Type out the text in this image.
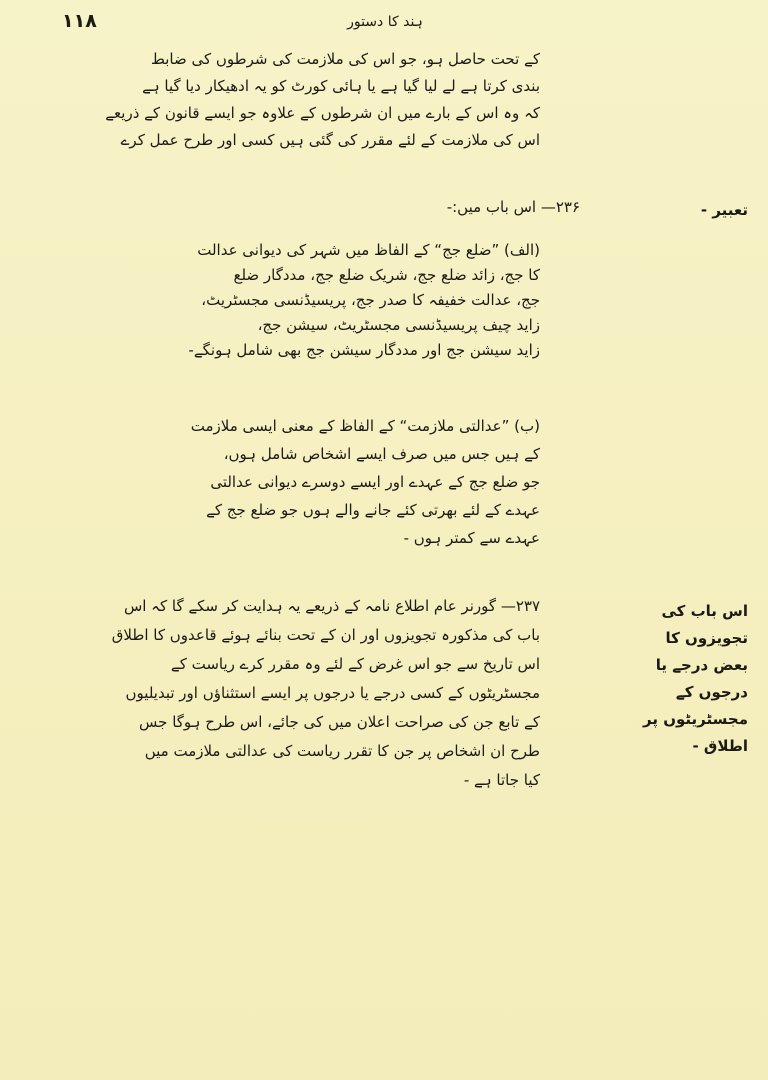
۱۱۸	ہند کا دستور
کے تحت حاصل ہو، جو اس کی ملازمت کی شرطوں کی ضابط
بندی کرتا ہے لے لیا گیا ہے یا ہائی کورٹ کو یہ ادھیکار دیا گیا ہے
کہ وہ اس کے بارے میں ان شرطوں کے علاوہ جو ایسے قانون کے ذریعے
اس کی ملازمت کے لئے مقرر کی گئی ہیں کسی اور طرح عمل کرے
۲۳۶— اس باب میں:-	تعبیر -
(الف) ”ضلع جج“ کے الفاظ میں شہر کی دیوانی عدالت
کا جج، زائد ضلع جج، شریک ضلع جج، مددگار ضلع
جج، عدالت خفیفہ کا صدر جج، پریسیڈنسی مجسٹریٹ،
زاید چیف پریسیڈنسی مجسٹریٹ، سیشن جج،
زاید سیشن جج اور مددگار سیشن جج بھی شامل ہونگے-
(ب) ”عدالتی ملازمت“ کے الفاظ کے معنی ایسی ملازمت
کے ہیں جس میں صرف ایسے اشخاص شامل ہوں،
جو ضلع جج کے عہدے اور ایسے دوسرے دیوانی عدالتی
عہدے کے لئے بھرتی کئے جانے والے ہوں جو ضلع جج کے
عہدے سے کمتر ہوں -
۲۳۷— گورنر عام اطلاع نامہ کے ذریعے یہ ہدایت کر سکے گا کہ اس
باب کی مذکورہ تجویزوں اور ان کے تحت بنائے ہوئے قاعدوں کا اطلاق
اس تاریخ سے جو اس غرض کے لئے وہ مقرر کرے ریاست کے
مجسٹریٹوں کے کسی درجے یا درجوں پر ایسے استثناؤں اور تبدیلیوں
کے تابع جن کی صراحت اعلان میں کی جائے، اس طرح ہوگا جس
طرح ان اشخاص پر جن کا تقرر ریاست کی عدالتی ملازمت میں
کیا جاتا ہے -
اس باب کی
تجویزوں کا
بعض درجے یا
درجوں کے
مجسٹریٹوں پر
اطلاق -
